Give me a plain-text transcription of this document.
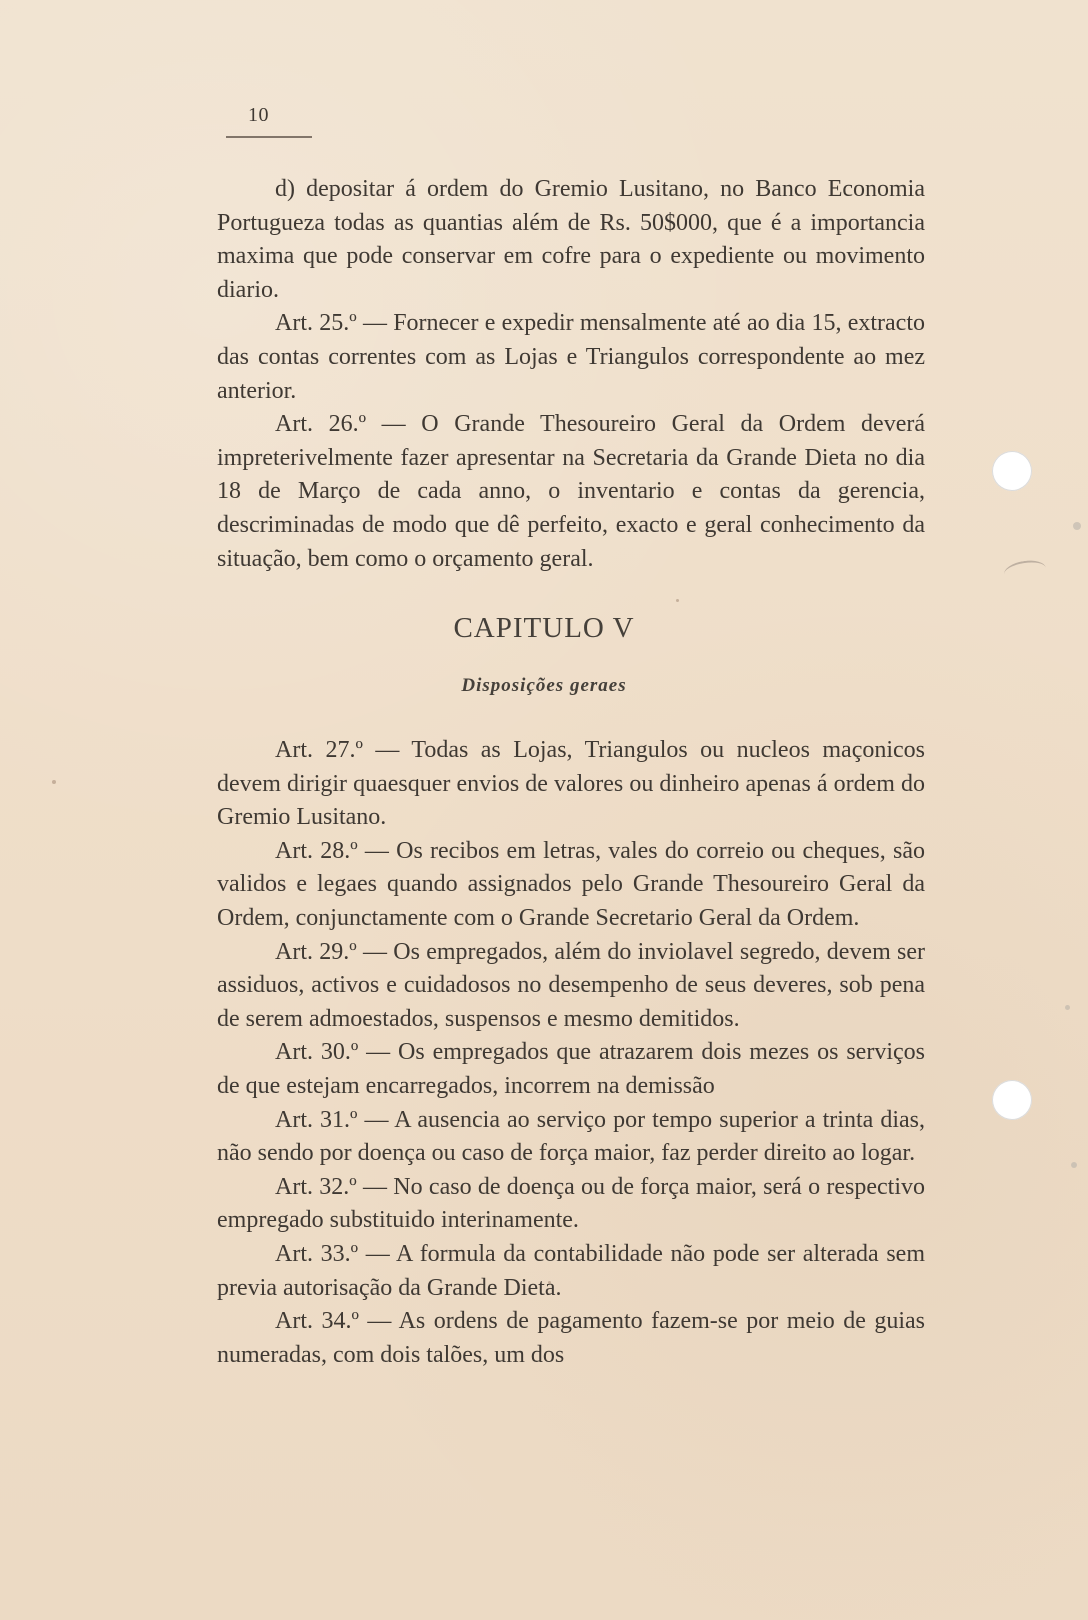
10

d) depositar á ordem do Gremio Lusitano, no Banco Economia Portugueza todas as quantias além de Rs. 50$000, que é a importancia maxima que pode conservar em cofre para o expediente ou movimento diario.

Art. 25.º — Fornecer e expedir mensalmente até ao dia 15, extracto das contas correntes com as Lojas e Triangulos correspondente ao mez anterior.

Art. 26.º — O Grande Thesoureiro Geral da Ordem deverá impreterivelmente fazer apresentar na Secretaria da Grande Dieta no dia 18 de Março de cada anno, o inventario e contas da gerencia, descriminadas de modo que dê perfeito, exacto e geral conhecimento da situação, bem como o orçamento geral.

CAPITULO V
Disposições geraes

Art. 27.º — Todas as Lojas, Triangulos ou nucleos maçonicos devem dirigir quaesquer envios de valores ou dinheiro apenas á ordem do Gremio Lusitano.

Art. 28.º — Os recibos em letras, vales do correio ou cheques, são validos e legaes quando assignados pelo Grande Thesoureiro Geral da Ordem, conjunctamente com o Grande Secretario Geral da Ordem.

Art. 29.º — Os empregados, além do inviolavel segredo, devem ser assiduos, activos e cuidadosos no desempenho de seus deveres, sob pena de serem admoestados, suspensos e mesmo demitidos.

Art. 30.º — Os empregados que atrazarem dois mezes os serviços de que estejam encarregados, incorrem na demissão

Art. 31.º — A ausencia ao serviço por tempo superior a trinta dias, não sendo por doença ou caso de força maior, faz perder direito ao logar.

Art. 32.º — No caso de doença ou de força maior, será o respectivo empregado substituido interinamente.

Art. 33.º — A formula da contabilidade não pode ser alterada sem previa autorisação da Grande Dieta.

Art. 34.º — As ordens de pagamento fazem-se por meio de guias numeradas, com dois talões, um dos
